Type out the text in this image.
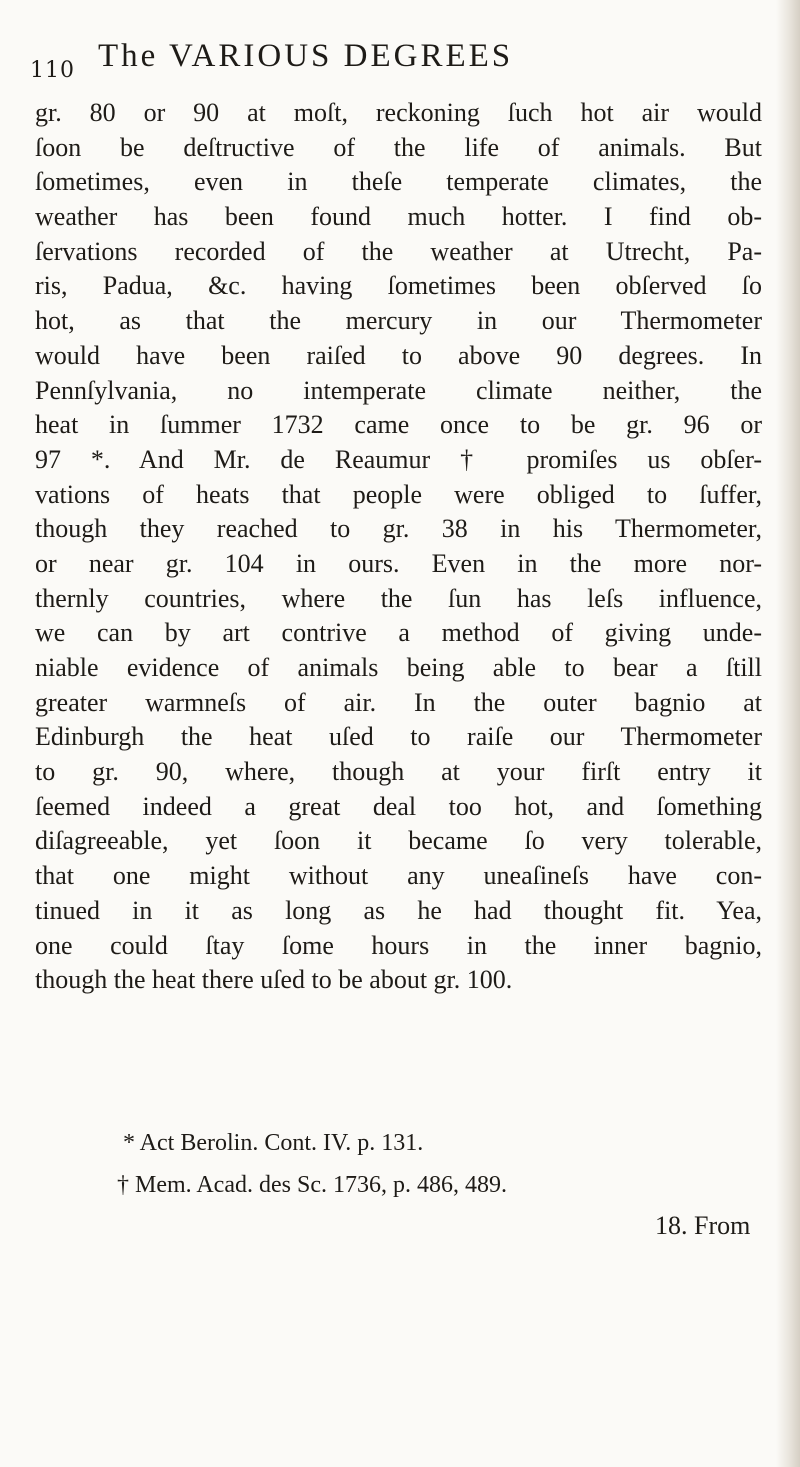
110 The VARIOUS DEGREES
gr. 80 or 90 at moſt, reckoning ſuch hot air would
ſoon be deſtructive of the life of animals. But
ſometimes, even in theſe temperate climates, the
weather has been found much hotter. I find ob-
ſervations recorded of the weather at Utrecht, Pa-
ris, Padua, &c. having ſometimes been obſerved ſo
hot, as that the mercury in our Thermometer
would have been raiſed to above 90 degrees. In
Pennſylvania, no intemperate climate neither, the
heat in ſummer 1732 came once to be gr. 96 or
97 *. And Mr. de Reaumur † promiſes us obſer-
vations of heats that people were obliged to ſuffer,
though they reached to gr. 38 in his Thermometer,
or near gr. 104 in ours. Even in the more nor-
thernly countries, where the ſun has leſs influence,
we can by art contrive a method of giving unde-
niable evidence of animals being able to bear a ſtill
greater warmneſs of air. In the outer bagnio at
Edinburgh the heat uſed to raiſe our Thermometer
to gr. 90, where, though at your firſt entry it
ſeemed indeed a great deal too hot, and ſomething
diſagreeable, yet ſoon it became ſo very tolerable,
that one might without any uneaſineſs have con-
tinued in it as long as he had thought fit. Yea,
one could ſtay ſome hours in the inner bagnio,
though the heat there uſed to be about gr. 100.
* Act Berolin. Cont. IV. p. 131.
† Mem. Acad. des Sc. 1736, p. 486, 489.
18. From
